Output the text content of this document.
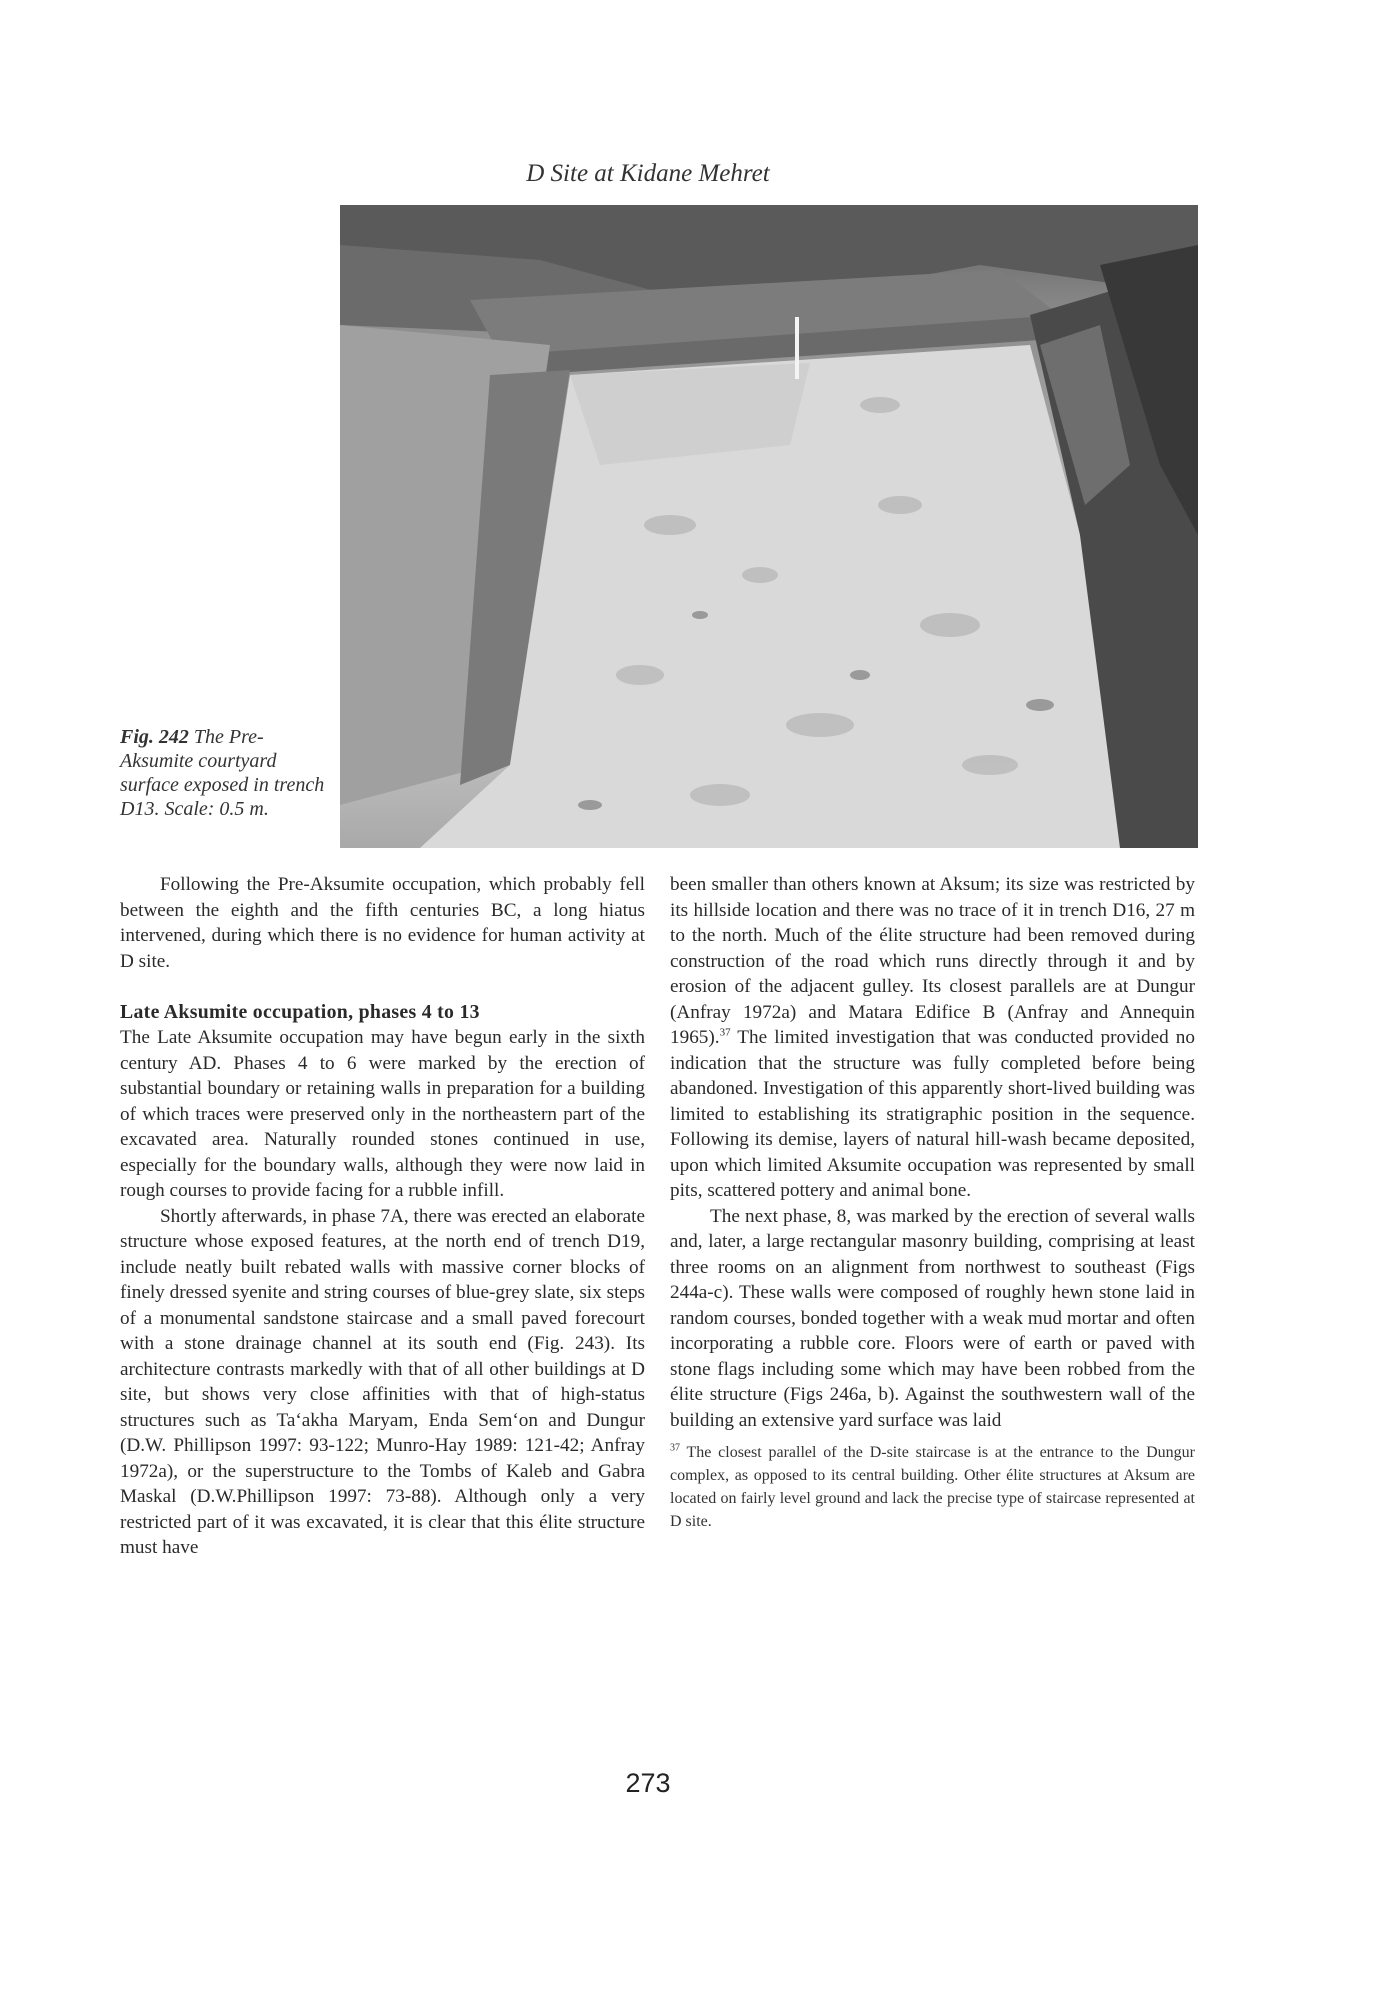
D Site at Kidane Mehret
Fig. 242 The Pre-Aksumite courtyard surface exposed in trench D13. Scale: 0.5 m.

Following the Pre-Aksumite occupation, which probably fell between the eighth and the fifth centuries BC, a long hiatus intervened, during which there is no evidence for human activity at D site.

Late Aksumite occupation, phases 4 to 13

The Late Aksumite occupation may have begun early in the sixth century AD. Phases 4 to 6 were marked by the erection of substantial boundary or retaining walls in preparation for a building of which traces were preserved only in the northeastern part of the excavated area. Naturally rounded stones continued in use, especially for the boundary walls, although they were now laid in rough courses to provide facing for a rubble infill.

Shortly afterwards, in phase 7A, there was erected an elaborate structure whose exposed features, at the north end of trench D19, include neatly built rebated walls with massive corner blocks of finely dressed syenite and string courses of blue-grey slate, six steps of a monumental sandstone staircase and a small paved forecourt with a stone drainage channel at its south end (Fig. 243). Its architecture contrasts markedly with that of all other buildings at D site, but shows very close affinities with that of high-status structures such as Ta‘akha Maryam, Enda Sem‘on and Dungur (D.W. Phillipson 1997: 93-122; Munro-Hay 1989: 121-42; Anfray 1972a), or the superstructure to the Tombs of Kaleb and Gabra Maskal (D.W.Phillipson 1997: 73-88). Although only a very restricted part of it was excavated, it is clear that this élite structure must have

been smaller than others known at Aksum; its size was restricted by its hillside location and there was no trace of it in trench D16, 27 m to the north. Much of the élite structure had been removed during construction of the road which runs directly through it and by erosion of the adjacent gulley. Its closest parallels are at Dungur (Anfray 1972a) and Matara Edifice B (Anfray and Annequin 1965).$^{37}$ The limited investigation that was conducted provided no indication that the structure was fully completed before being abandoned. Investigation of this apparently short-lived building was limited to establishing its stratigraphic position in the sequence. Following its demise, layers of natural hill-wash became deposited, upon which limited Aksumite occupation was represented by small pits, scattered pottery and animal bone.

The next phase, 8, was marked by the erection of several walls and, later, a large rectangular masonry building, comprising at least three rooms on an alignment from northwest to southeast (Figs 244a-c). These walls were composed of roughly hewn stone laid in random courses, bonded together with a weak mud mortar and often incorporating a rubble core. Floors were of earth or paved with stone flags including some which may have been robbed from the élite structure (Figs 246a, b). Against the southwestern wall of the building an extensive yard surface was laid

$^{37}$ The closest parallel of the D-site staircase is at the entrance to the Dungur complex, as opposed to its central building. Other élite structures at Aksum are located on fairly level ground and lack the precise type of staircase represented at D site.
273
